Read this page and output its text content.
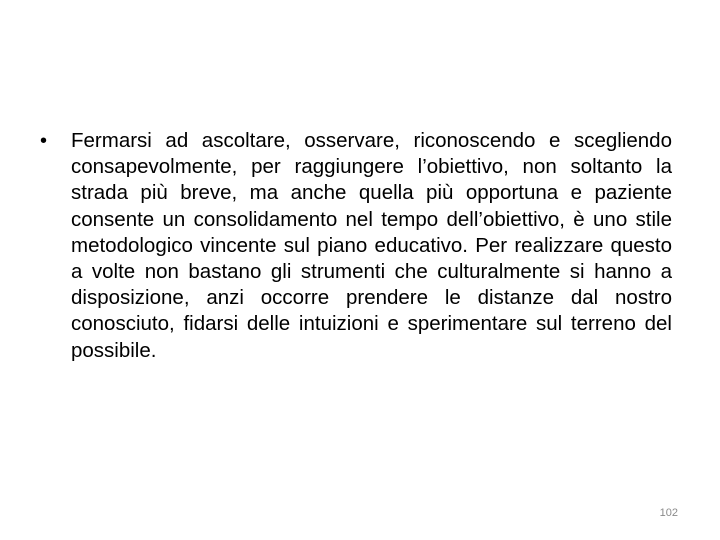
•	Fermarsi ad ascoltare, osservare, riconoscendo e scegliendo consapevolmente, per raggiungere l’obiettivo, non soltanto la strada più breve, ma anche quella più opportuna e paziente consente un consolidamento nel tempo dell’obiettivo, è uno stile metodologico vincente sul piano educativo. Per realizzare questo a volte non bastano gli strumenti che culturalmente si hanno a disposizione, anzi occorre prendere le distanze dal nostro conosciuto, fidarsi delle intuizioni e sperimentare sul terreno del possibile.

102
